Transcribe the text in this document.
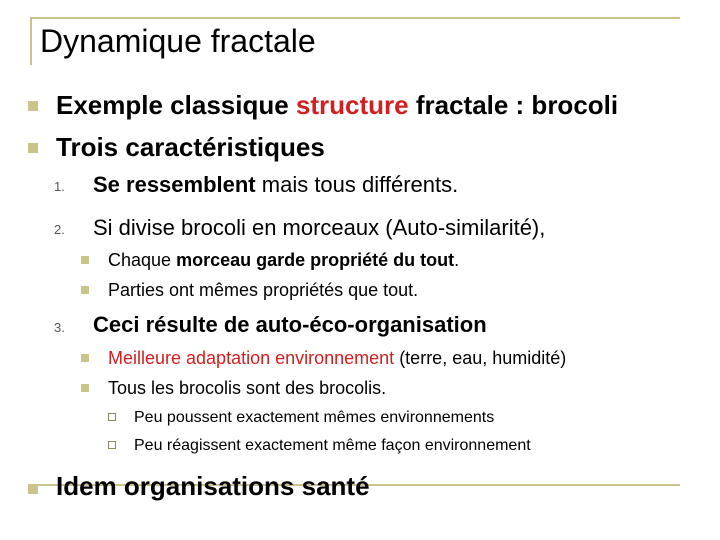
Dynamique fractale
Exemple classique structure fractale : brocoli
Trois caractéristiques
1. Se ressemblent mais tous différents.
2. Si divise brocoli en morceaux (Auto-similarité),
Chaque morceau garde propriété du tout.
Parties ont mêmes propriétés que tout.
3. Ceci résulte de auto-éco-organisation
Meilleure adaptation environnement (terre, eau, humidité)
Tous les brocolis sont des brocolis.
Peu poussent exactement mêmes environnements
Peu réagissent exactement même façon environnement
Idem organisations santé
